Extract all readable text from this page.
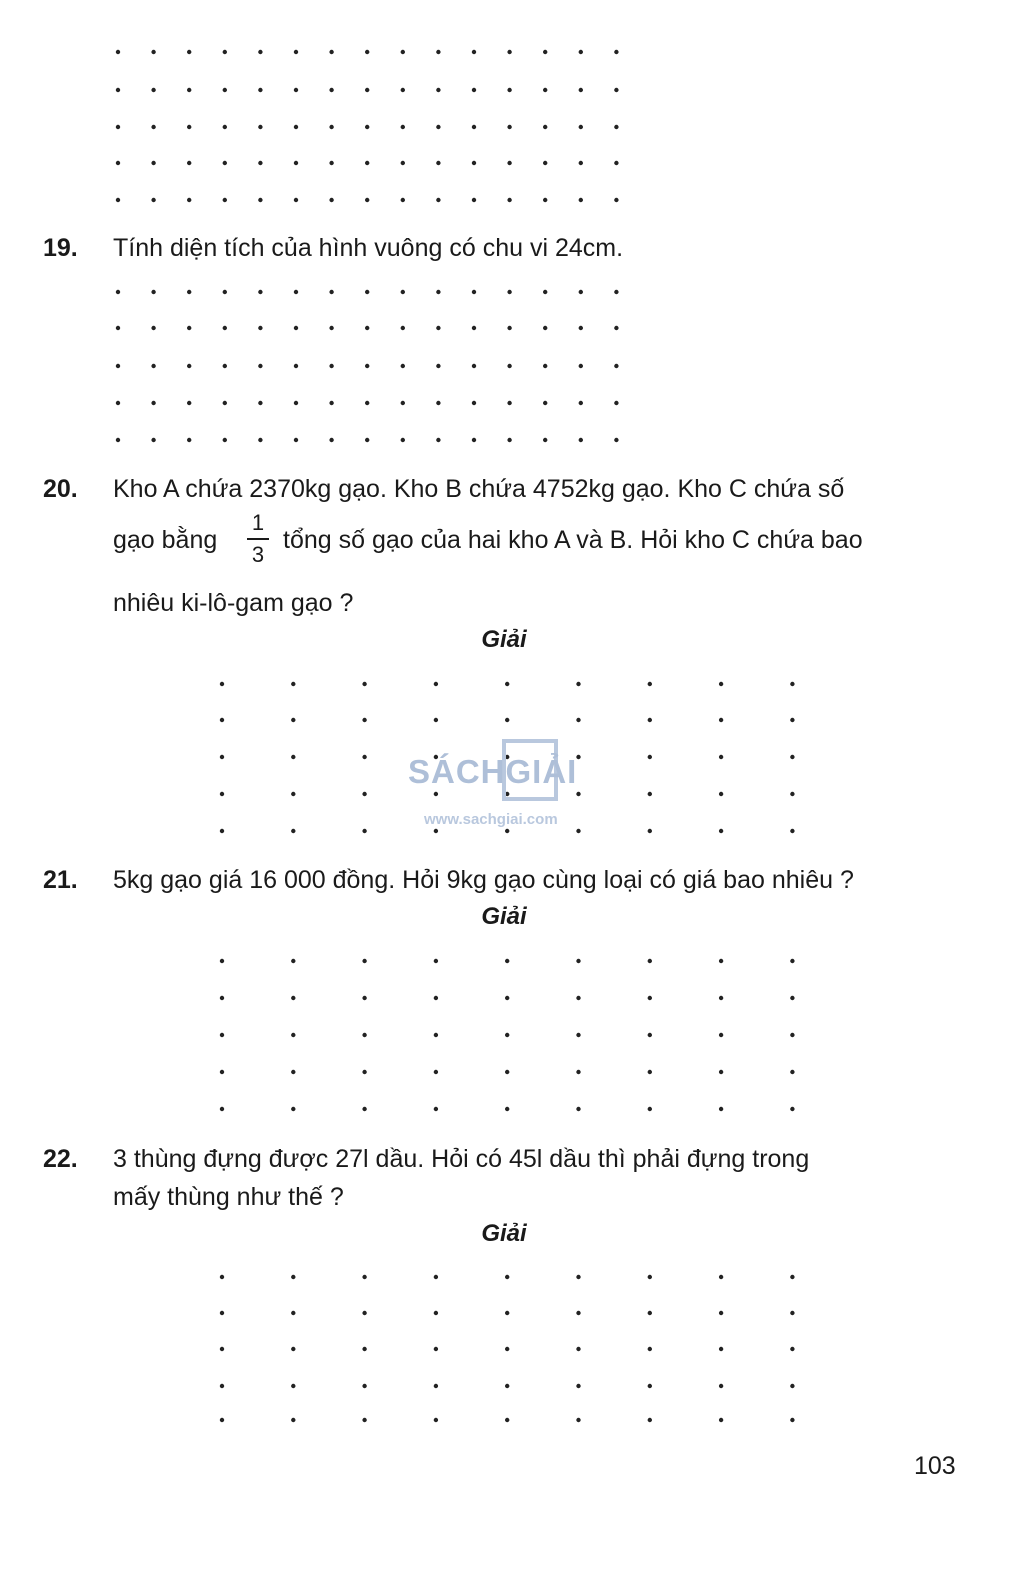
19. Tính diện tích của hình vuông có chu vi 24cm.
20. Kho A chứa 2370kg gạo. Kho B chứa 4752kg gạo. Kho C chứa số
gạo bằng
1
3
tổng số gạo của hai kho A và B. Hỏi kho C chứa bao
nhiêu ki-lô-gam gạo ?
Giải
SÁCHGIẢI
www.sachgiai.com
21. 5kg gạo giá 16 000 đồng. Hỏi 9kg gạo cùng loại có giá bao nhiêu ?
Giải
22. 3 thùng đựng được 27l dầu. Hỏi có 45l dầu thì phải đựng trong
mấy thùng như thế ?
Giải
103
